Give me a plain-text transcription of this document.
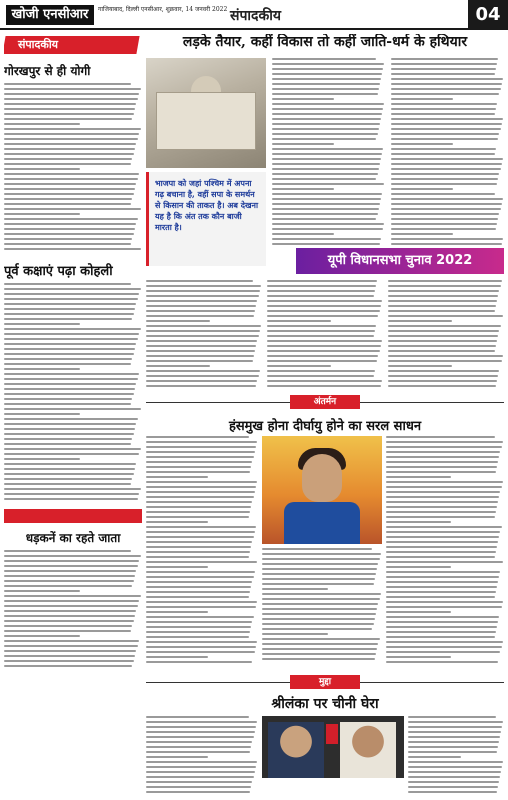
खोजी एनसीआर	गाजियाबाद, दिल्ली एनसीआर, शुक्रवार, 14 जनवरी 2022 संपादकीय	04
संपादकीय
गोरखपुर से ही योगी
पूर्व कक्षाएं पढ़ा कोहली
धड़कनें का रहते जाता
लड़के तैयार, कहीं विकास तो कहीं जाति-धर्म के हथियार
भाजपा को जहां पश्चिम में अपना गढ़ बचाना है, वहीं सपा के समर्थन से किसान की ताकत है। अब देखना यह है कि अंत तक कौन बाजी मारता है।
यूपी विधानसभा चुनाव 2022
अंतर्मन
हंसमुख होना दीर्घायु होने का सरल साधन
मुद्दा
श्रीलंका पर चीनी घेरा
